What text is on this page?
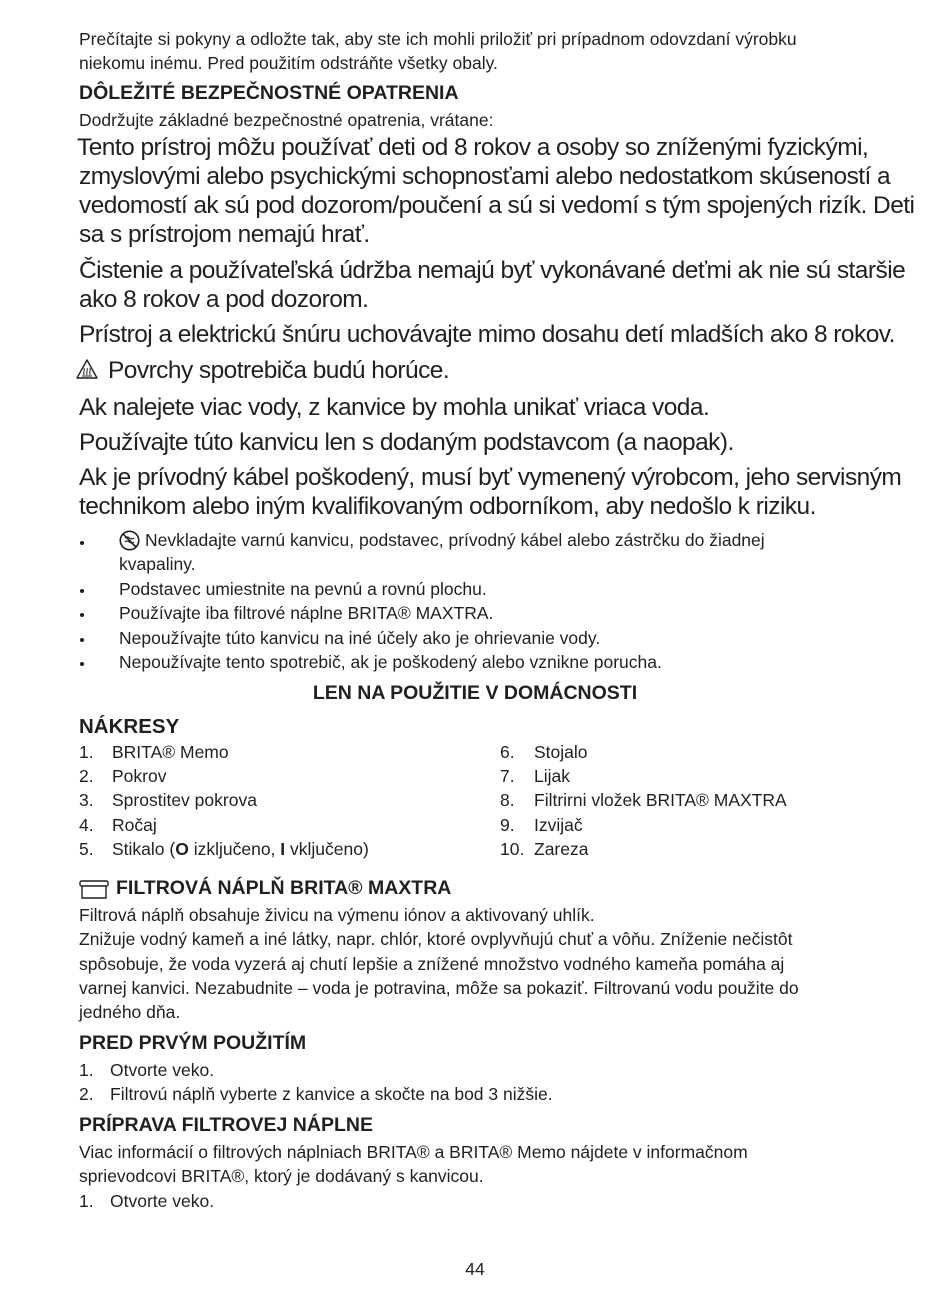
Prečítajte si pokyny a odložte tak, aby ste ich mohli priložiť pri prípadnom odovzdaní výrobku
niekomu inému. Pred použitím odstráňte všetky obaly.
DÔLEŽITÉ BEZPEČNOSTNÉ OPATRENIA
Dodržujte základné bezpečnostné opatrenia, vrátane:
Tento prístroj môžu používať deti od 8 rokov a osoby so zníženými fyzickými,
zmyslovými alebo psychickými schopnosťami alebo nedostatkom skúseností a
vedomostí ak sú pod dozorom/poučení a sú si vedomí s tým spojených rizík. Deti
sa s prístrojom nemajú hrať.
Čistenie a používateľská údržba nemajú byť vykonávané deťmi ak nie sú staršie
ako 8 rokov a pod dozorom.
Prístroj a elektrickú šnúru uchovávajte mimo dosahu detí mladších ako 8 rokov.
Povrchy spotrebiča budú horúce.
Ak nalejete viac vody, z kanvice by mohla unikať vriaca voda.
Používajte túto kanvicu len s dodaným podstavcom (a naopak).
Ak je prívodný kábel poškodený, musí byť vymenený výrobcom, jeho servisným
technikom alebo iným kvalifikovaným odborníkom, aby nedošlo k riziku.
Nevkladajte varnú kanvicu, podstavec, prívodný kábel alebo zástrčku do žiadnej
kvapaliny.
Podstavec umiestnite na pevnú a rovnú plochu.
Používajte iba filtrové náplne BRITA® MAXTRA.
Nepoužívajte túto kanvicu na iné účely ako je ohrievanie vody.
Nepoužívajte tento spotrebič, ak je poškodený alebo vznikne porucha.
LEN NA POUŽITIE V DOMÁCNOSTI
NÁKRESY
1. BRITA® Memo
2. Pokrov
3. Sprostitev pokrova
4. Ročaj
5. Stikalo (O izključeno, I vključeno)
6. Stojalo
7. Lijak
8. Filtrirni vložek BRITA® MAXTRA
9. Izvijač
10. Zareza
FILTROVÁ NÁPLŇ BRITA® MAXTRA
Filtrová náplň obsahuje živicu na výmenu iónov a aktivovaný uhlík.
Znižuje vodný kameň a iné látky, napr. chlór, ktoré ovplyvňujú chuť a vôňu. Zníženie nečistôt
spôsobuje, že voda vyzerá aj chutí lepšie a znížené množstvo vodného kameňa pomáha aj
varnej kanvici. Nezabudnite – voda je potravina, môže sa pokaziť. Filtrovanú vodu použite do
jedného dňa.
PRED PRVÝM POUŽITÍM
1. Otvorte veko.
2. Filtrovú náplň vyberte z kanvice a skočte na bod 3 nižšie.
PRÍPRAVA FILTROVEJ NÁPLNE
Viac informácií o filtrových náplniach BRITA® a BRITA® Memo nájdete v informačnom
sprievodcovi BRITA®, ktorý je dodávaný s kanvicou.
1. Otvorte veko.
44
